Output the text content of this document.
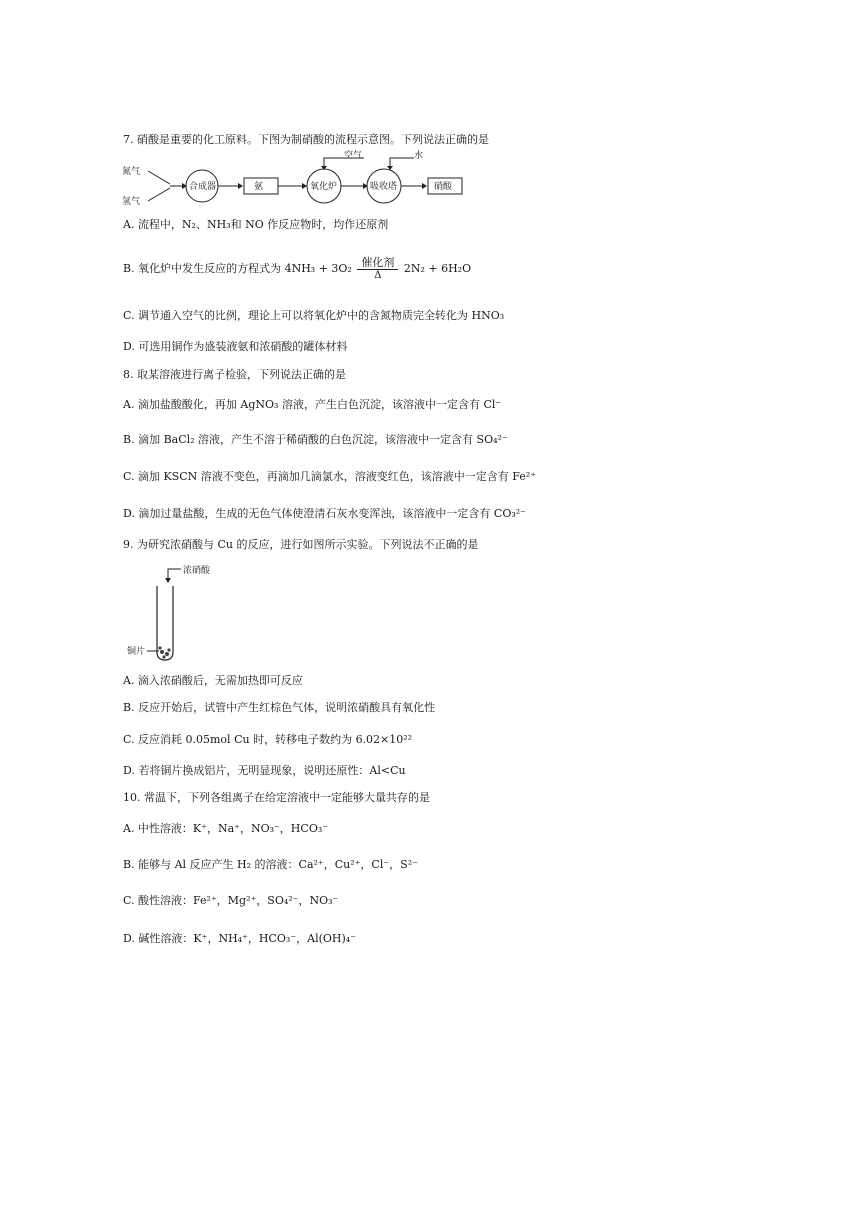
7. 硝酸是重要的化工原料。下图为制硝酸的流程示意图。下列说法正确的是
氮气
氢气
合成器	氨	氧化炉	吸收塔	硝酸
空气	水
A. 流程中，N₂、NH₃和 NO 作反应物时，均作还原剂
B. 氧化炉中发生反应的方程式为 $4NH_3 + 3O_2 \frac{\text{催化剂}}{\Delta} 2N_2 + 6H_2O$
C. 调节通入空气的比例，理论上可以将氧化炉中的含氮物质完全转化为 HNO₃
D. 可选用铜作为盛装液氨和浓硝酸的罐体材料
8. 取某溶液进行离子检验，下列说法正确的是
A. 滴加盐酸酸化，再加 AgNO₃ 溶液，产生白色沉淀，该溶液中一定含有 Cl⁻
B. 滴加 BaCl₂ 溶液，产生不溶于稀硝酸的白色沉淀，该溶液中一定含有 SO₄²⁻
C. 滴加 KSCN 溶液不变色，再滴加几滴氯水，溶液变红色，该溶液中一定含有 Fe²⁺
D. 滴加过量盐酸，生成的无色气体使澄清石灰水变浑浊，该溶液中一定含有 CO₃²⁻
9. 为研究浓硝酸与 Cu 的反应，进行如图所示实验。下列说法不正确的是
浓硝酸
铜片
A. 滴入浓硝酸后，无需加热即可反应
B. 反应开始后，试管中产生红棕色气体，说明浓硝酸具有氧化性
C. 反应消耗 0.05mol Cu 时，转移电子数约为 6.02×10²²
D. 若将铜片换成铝片，无明显现象，说明还原性：Al<Cu
10. 常温下，下列各组离子在给定溶液中一定能够大量共存的是
A. 中性溶液：K⁺，Na⁺，NO₃⁻，HCO₃⁻
B. 能够与 Al 反应产生 H₂ 的溶液：Ca²⁺，Cu²⁺，Cl⁻，S²⁻
C. 酸性溶液：Fe²⁺，Mg²⁺，SO₄²⁻，NO₃⁻
D. 碱性溶液：K⁺，NH₄⁺，HCO₃⁻，Al(OH)₄⁻
